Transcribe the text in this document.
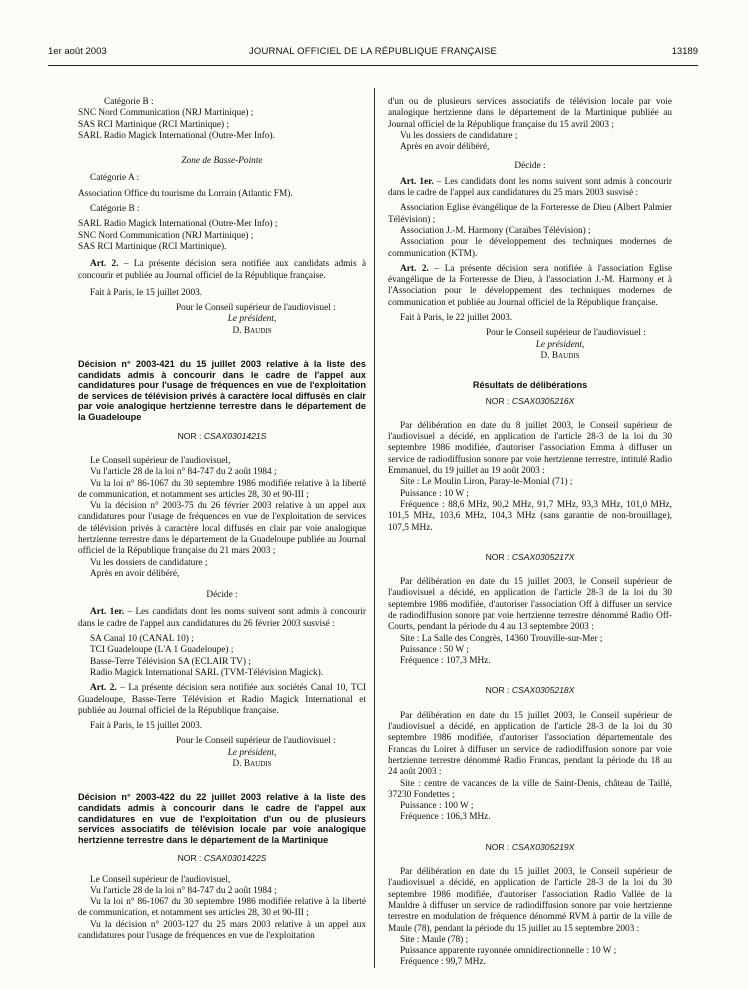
1er août 2003	JOURNAL OFFICIEL DE LA RÉPUBLIQUE FRANÇAISE	13189

Catégorie B :

SNC Nord Communication (NRJ Martinique) ;

SAS RCI Martinique (RCI Martinique) ;

SARL Radio Magick International (Outre-Mer Info).

Zone de Basse-Pointe

Catégorie A :

Association Office du tourisme du Lorrain (Atlantic FM).

Catégorie B :

SARL Radio Magick International (Outre-Mer Info) ;

SNC Nord Communication (NRJ Martinique) ;

SAS RCI Martinique (RCI Martinique).

Art. 2. – La présente décision sera notifiée aux candidats admis à concourir et publiée au Journal officiel de la République française.

Fait à Paris, le 15 juillet 2003.

Pour le Conseil supérieur de l'audiovisuel :

Le président,

D. Baudis

Décision n° 2003-421 du 15 juillet 2003 relative à la liste des candidats admis à concourir dans le cadre de l'appel aux candidatures pour l'usage de fréquences en vue de l'exploitation de services de télévision privés à caractère local diffusés en clair par voie analogique hertzienne terrestre dans le département de la Guadeloupe

NOR : CSAX0301421S

Le Conseil supérieur de l'audiovisuel,

Vu l'article 28 de la loi n° 84-747 du 2 août 1984 ;

Vu la loi n° 86-1067 du 30 septembre 1986 modifiée relative à la liberté de communication, et notamment ses articles 28, 30 et 90-III ;

Vu la décision n° 2003-75 du 26 février 2003 relative à un appel aux candidatures pour l'usage de fréquences en vue de l'exploitation de services de télévision privés à caractère local diffusés en clair par voie analogique hertzienne terrestre dans le département de la Guadeloupe publiée au Journal officiel de la République française du 21 mars 2003 ;

Vu les dossiers de candidature ;

Après en avoir délibéré,

Décide :

Art. 1er. – Les candidats dont les noms suivent sont admis à concourir dans le cadre de l'appel aux candidatures du 26 février 2003 susvisé :

SA Canal 10 (CANAL 10) ;

TCI Guadeloupe (L'A 1 Guadeloupe) ;

Basse-Terre Télévision SA (ECLAIR TV) ;

Radio Magick International SARL (TVM-Télévision Magick).

Art. 2. – La présente décision sera notifiée aux sociétés Canal 10, TCI Guadeloupe, Basse-Terre Télévision et Radio Magick International et publiée au Journal officiel de la République française.

Fait à Paris, le 15 juillet 2003.

Pour le Conseil supérieur de l'audiovisuel :

Le président,

D. Baudis

Décision n° 2003-422 du 22 juillet 2003 relative à la liste des candidats admis à concourir dans le cadre de l'appel aux candidatures en vue de l'exploitation d'un ou de plusieurs services associatifs de télévision locale par voie analogique hertzienne terrestre dans le département de la Martinique

NOR : CSAX0301422S

Le Conseil supérieur de l'audiovisuel,

Vu l'article 28 de la loi n° 84-747 du 2 août 1984 ;

Vu la loi n° 86-1067 du 30 septembre 1986 modifiée relative à la liberté de communication, et notamment ses articles 28, 30 et 90-III ;

Vu la décision n° 2003-127 du 25 mars 2003 relative à un appel aux candidatures pour l'usage de fréquences en vue de l'exploitation

d'un ou de plusieurs services associatifs de télévision locale par voie analogique hertzienne dans le département de la Martinique publiée au Journal officiel de la République française du 15 avril 2003 ;

Vu les dossiers de candidature ;

Après en avoir délibéré,

Décide :

Art. 1er. – Les candidats dont les noms suivent sont admis à concourir dans le cadre de l'appel aux candidatures du 25 mars 2003 susvisé :

Association Eglise évangélique de la Forteresse de Dieu (Albert Palmier Télévision) ;

Association J.-M. Harmony (Caraïbes Télévision) ;

Association pour le développement des techniques modernes de communication (KTM).

Art. 2. – La présente décision sera notifiée à l'association Eglise évangélique de la Forteresse de Dieu, à l'association J.-M. Harmony et à l'Association pour le développement des techniques modernes de communication et publiée au Journal officiel de la République française.

Fait à Paris, le 22 juillet 2003.

Pour le Conseil supérieur de l'audiovisuel :

Le président,

D. Baudis

Résultats de délibérations

NOR : CSAX0305216X

Par délibération en date du 8 juillet 2003, le Conseil supérieur de l'audiovisuel a décidé, en application de l'article 28-3 de la loi du 30 septembre 1986 modifiée, d'autoriser l'association Emma à diffuser un service de radiodiffusion sonore par voie hertzienne terrestre, intitulé Radio Emmanuel, du 19 juillet au 19 août 2003 :

Site : Le Moulin Liron, Paray-le-Monial (71) ;

Puissance : 10 W ;

Fréquence : 88,6 MHz, 90,2 MHz, 91,7 MHz, 93,3 MHz, 101,0 MHz, 101,5 MHz, 103,6 MHz, 104,3 MHz (sans garantie de non-brouillage), 107,5 MHz.

NOR : CSAX0305217X

Par délibération en date du 15 juillet 2003, le Conseil supérieur de l'audiovisuel a décidé, en application de l'article 28-3 de la loi du 30 septembre 1986 modifiée, d'autoriser l'association Off à diffuser un service de radiodiffusion sonore par voie hertzienne terrestre dénommé Radio Off-Courts, pendant la période du 4 au 13 septembre 2003 :

Site : La Salle des Congrès, 14360 Trouville-sur-Mer ;

Puissance : 50 W ;

Fréquence : 107,3 MHz.

NOR : CSAX0305218X

Par délibération en date du 15 juillet 2003, le Conseil supérieur de l'audiovisuel a décidé, en application de l'article 28-3 de la loi du 30 septembre 1986 modifiée, d'autoriser l'association départementale des Francas du Loiret à diffuser un service de radiodiffusion sonore par voie hertzienne terrestre dénommé Radio Francas, pendant la période du 18 au 24 août 2003 :

Site : centre de vacances de la ville de Saint-Denis, château de Taillé, 37230 Fondettes ;

Puissance : 100 W ;

Fréquence : 106,3 MHz.

NOR : CSAX0305219X

Par délibération en date du 15 juillet 2003, le Conseil supérieur de l'audiovisuel a décidé, en application de l'article 28-3 de la loi du 30 septembre 1986 modifiée, d'autoriser l'association Radio Vallée de la Mauldre à diffuser un service de radiodiffusion sonore par voie hertzienne terrestre en modulation de fréquence dénommé RVM à partir de la ville de Maule (78), pendant la période du 15 juillet au 15 septembre 2003 :

Site : Maule (78) ;

Puissance apparente rayonnée omnidirectionnelle : 10 W ;

Fréquence : 99,7 MHz.
